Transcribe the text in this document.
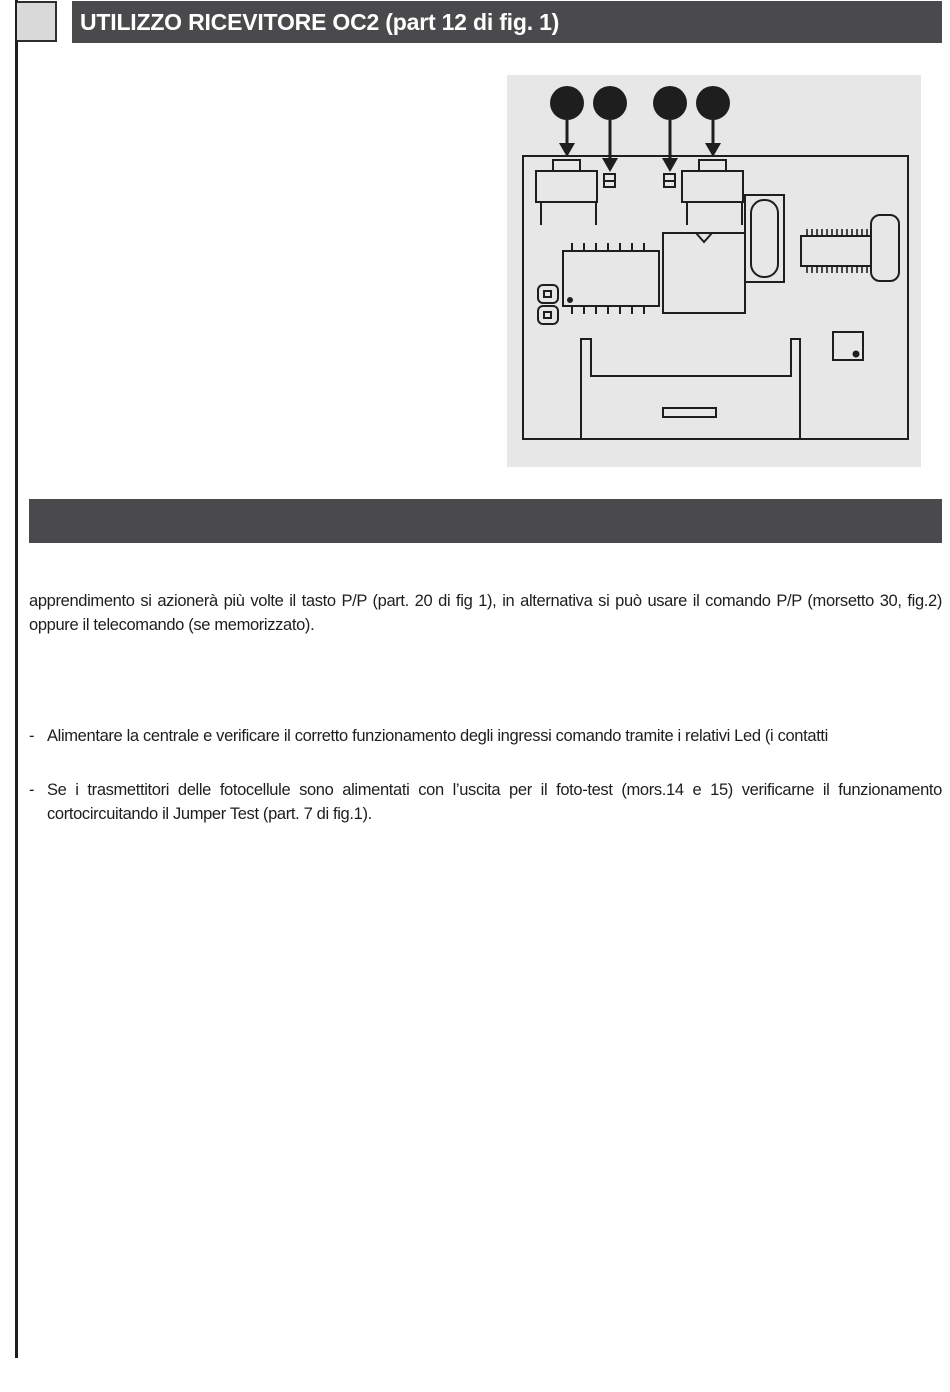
UTILIZZO RICEVITORE OC2 (part 12 di fig. 1)

apprendimento si azionerà più volte il tasto P/P (part. 20 di fig 1), in alternativa si può usare il comando P/P (morsetto 30, fig.2) oppure il telecomando (se memorizzato).

- Alimentare la centrale e verificare il corretto funzionamento degli ingressi comando tramite i relativi Led (i contatti
- Se i trasmettitori delle fotocellule sono alimentati con l’uscita per il foto-test (mors.14 e 15) verificarne il funzionamento cortocircuitando il Jumper Test (part. 7 di fig.1).
